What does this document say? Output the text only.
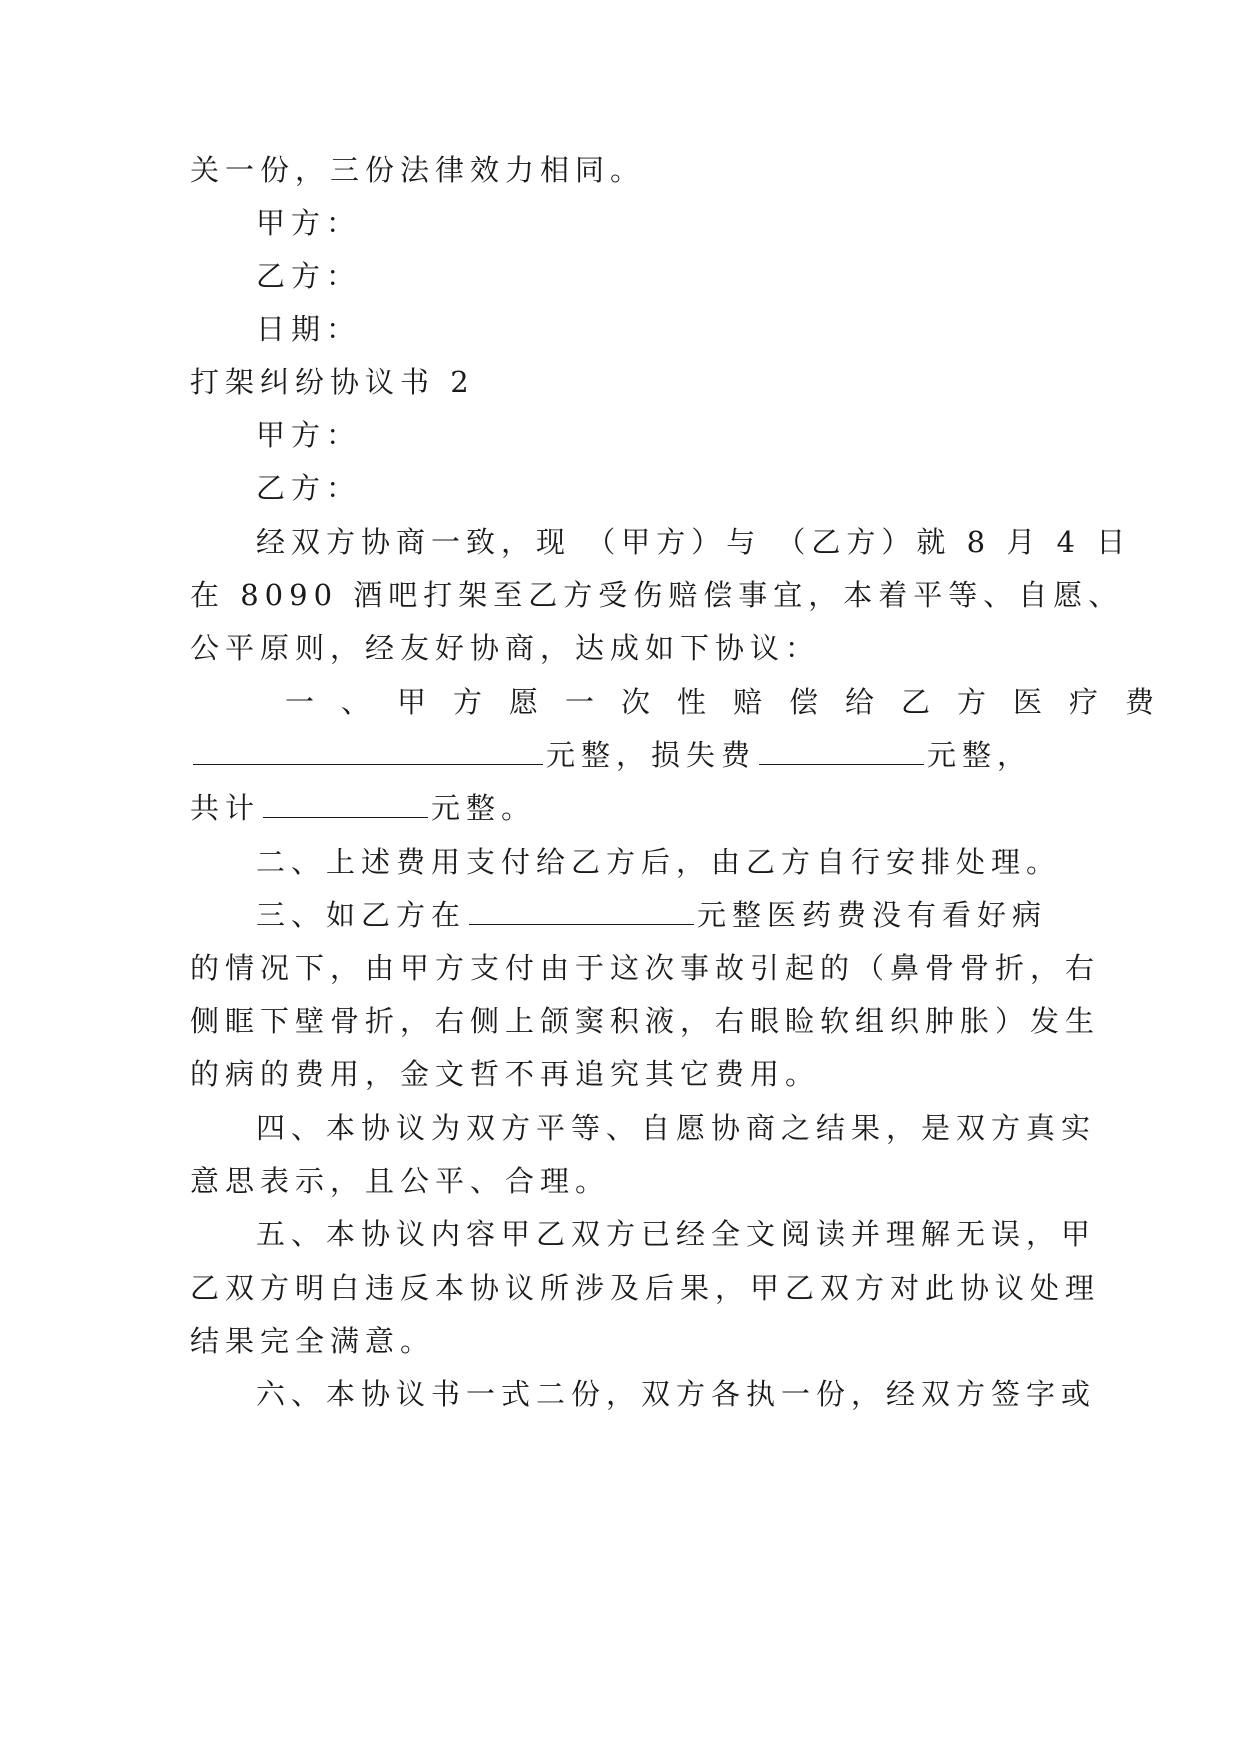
关一份，三份法律效力相同。
甲方：
乙方：
日期：
打架纠纷协议书 2
甲方：
乙方：
经双方协商一致，现 （甲方）与 （乙方）就 8 月 4 日
在 8090 酒吧打架至乙方受伤赔偿事宜，本着平等、自愿、
公平原则，经友好协商，达成如下协议：
一、甲方愿一次性赔偿给乙方医疗费
元整，损失费	元整，
共计	元整。
二、上述费用支付给乙方后，由乙方自行安排处理。
三、如乙方在	元整医药费没有看好病
的情况下，由甲方支付由于这次事故引起的（鼻骨骨折，右
侧眶下壁骨折，右侧上颌窦积液，右眼睑软组织肿胀）发生
的病的费用，金文哲不再追究其它费用。
四、本协议为双方平等、自愿协商之结果，是双方真实
意思表示，且公平、合理。
五、本协议内容甲乙双方已经全文阅读并理解无误，甲
乙双方明白违反本协议所涉及后果，甲乙双方对此协议处理
结果完全满意。
六、本协议书一式二份，双方各执一份，经双方签字或
